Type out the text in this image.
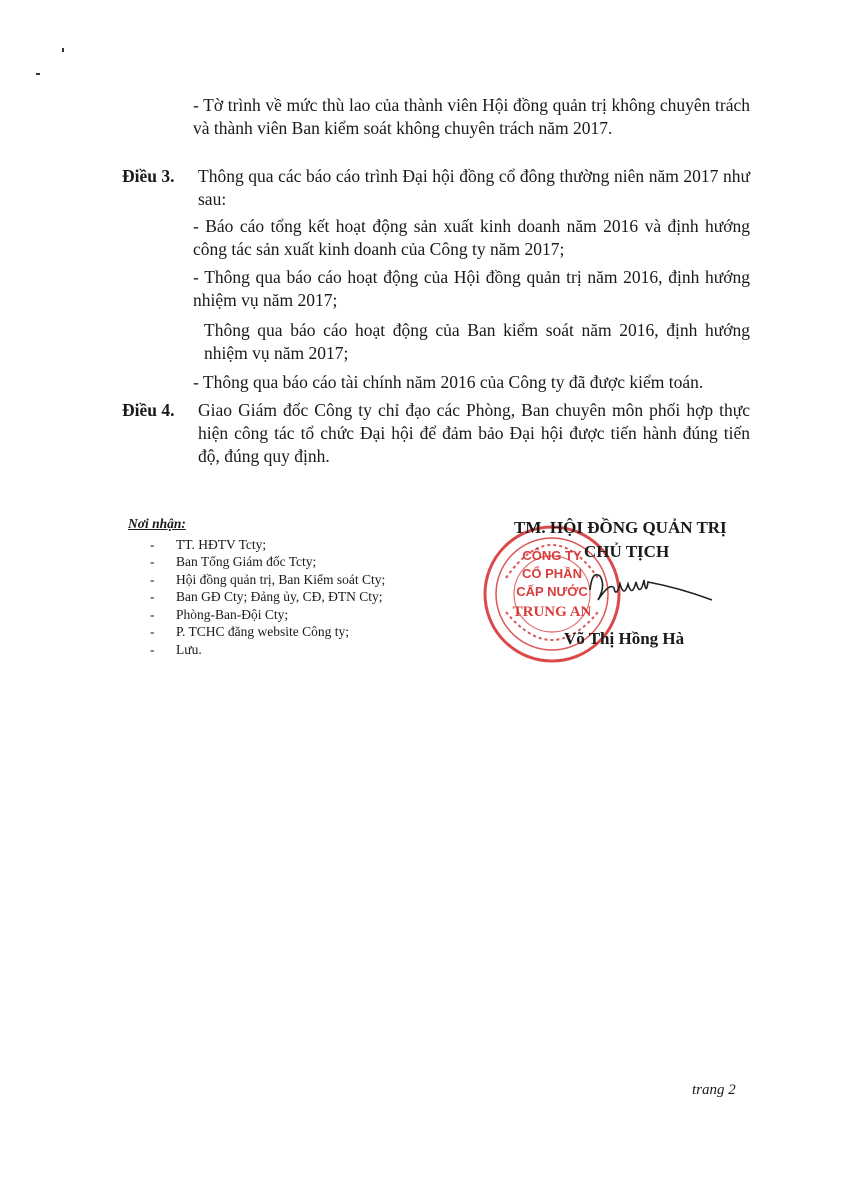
- Tờ trình về mức thù lao của thành viên Hội đồng quản trị không chuyên trách và thành viên Ban kiểm soát không chuyên trách năm 2017.
Điều 3. Thông qua các báo cáo trình Đại hội đồng cổ đông thường niên năm 2017 như sau:
- Báo cáo tổng kết hoạt động sản xuất kinh doanh năm 2016 và định hướng công tác sản xuất kinh doanh của Công ty năm 2017;
- Thông qua báo cáo hoạt động của Hội đồng quản trị năm 2016, định hướng nhiệm vụ năm 2017;
Thông qua báo cáo hoạt động của Ban kiểm soát năm 2016, định hướng nhiệm vụ năm 2017;
- Thông qua báo cáo tài chính năm 2016 của Công ty đã được kiểm toán.
Điều 4. Giao Giám đốc Công ty chỉ đạo các Phòng, Ban chuyên môn phối hợp thực hiện công tác tổ chức Đại hội để đảm bảo Đại hội được tiến hành đúng tiến độ, đúng quy định.
Nơi nhận:
- TT. HĐTV Tcty;
- Ban Tổng Giám đốc Tcty;
- Hội đồng quản trị, Ban Kiểm soát Cty;
- Ban GĐ Cty; Đảng ủy, CĐ, ĐTN Cty;
- Phòng-Ban-Đội Cty;
- P. TCHC đăng website Công ty;
- Lưu.
CÔNG TY
CỔ PHẦN
CẤP NƯỚC
TRUNG AN
TM. HỘI ĐỒNG QUẢN TRỊ
CHỦ TỊCH
Võ Thị Hồng Hà
trang 2
